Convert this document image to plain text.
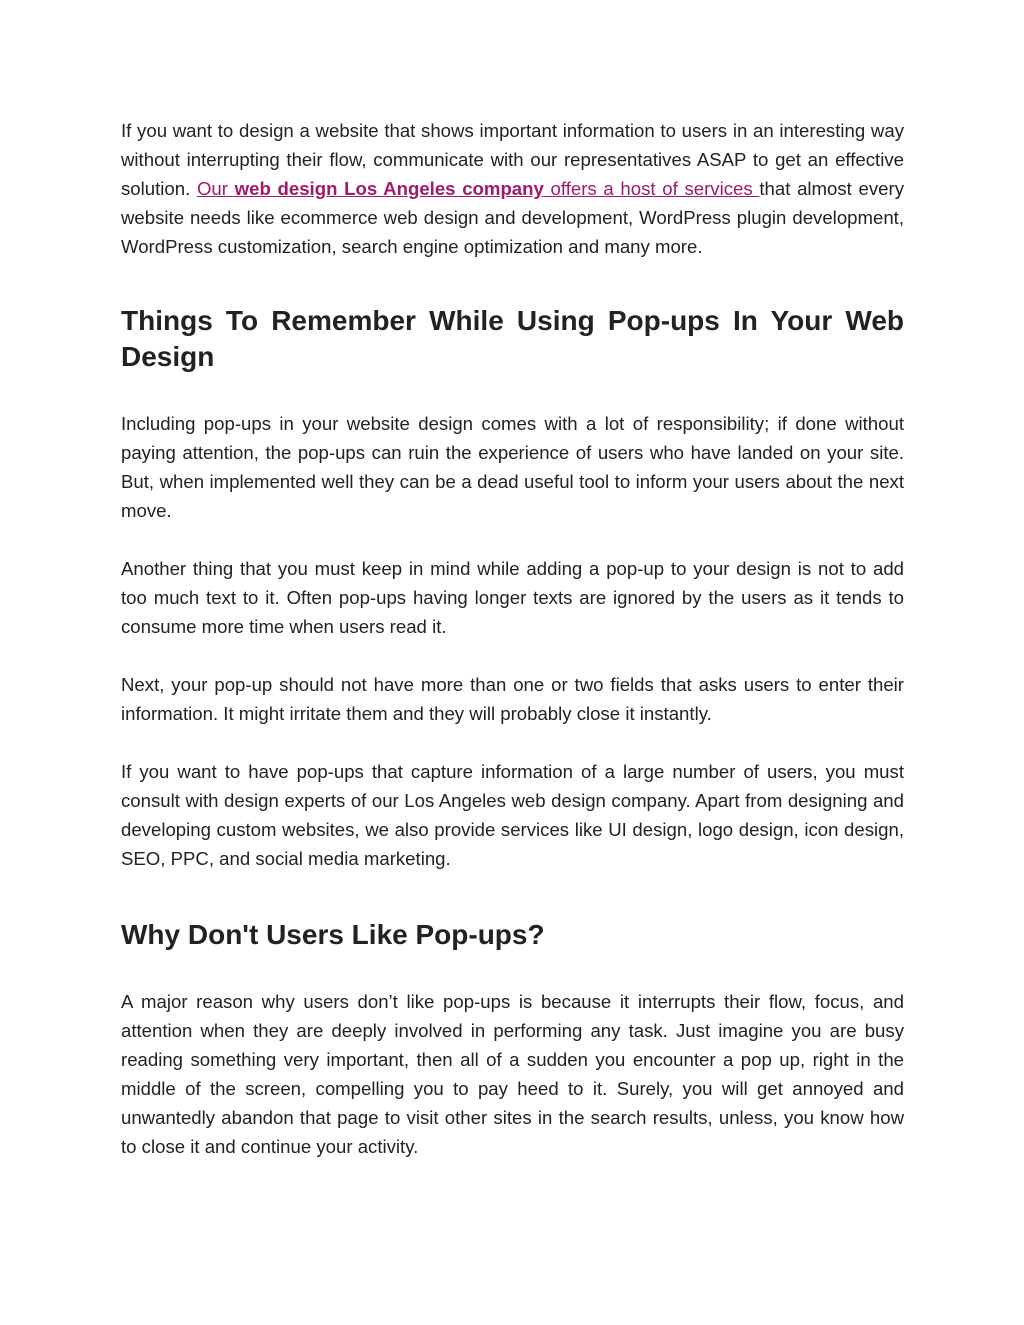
If you want to design a website that shows important information to users in an interesting way without interrupting their flow, communicate with our representatives ASAP to get an effective solution. Our web design Los Angeles company offers a host of services that almost every website needs like ecommerce web design and development, WordPress plugin development, WordPress customization, search engine optimization and many more.

Things To Remember While Using Pop-ups In Your Web Design

Including pop-ups in your website design comes with a lot of responsibility; if done without paying attention, the pop-ups can ruin the experience of users who have landed on your site. But, when implemented well they can be a dead useful tool to inform your users about the next move.

Another thing that you must keep in mind while adding a pop-up to your design is not to add too much text to it. Often pop-ups having longer texts are ignored by the users as it tends to consume more time when users read it.

Next, your pop-up should not have more than one or two fields that asks users to enter their information. It might irritate them and they will probably close it instantly.

If you want to have pop-ups that capture information of a large number of users, you must consult with design experts of our Los Angeles web design company. Apart from designing and developing custom websites, we also provide services like UI design, logo design, icon design, SEO, PPC, and social media marketing.

Why Don't Users Like Pop-ups?

A major reason why users don’t like pop-ups is because it interrupts their flow, focus, and attention when they are deeply involved in performing any task. Just imagine you are busy reading something very important, then all of a sudden you encounter a pop up, right in the middle of the screen, compelling you to pay heed to it. Surely, you will get annoyed and unwantedly abandon that page to visit other sites in the search results, unless, you know how to close it and continue your activity.
